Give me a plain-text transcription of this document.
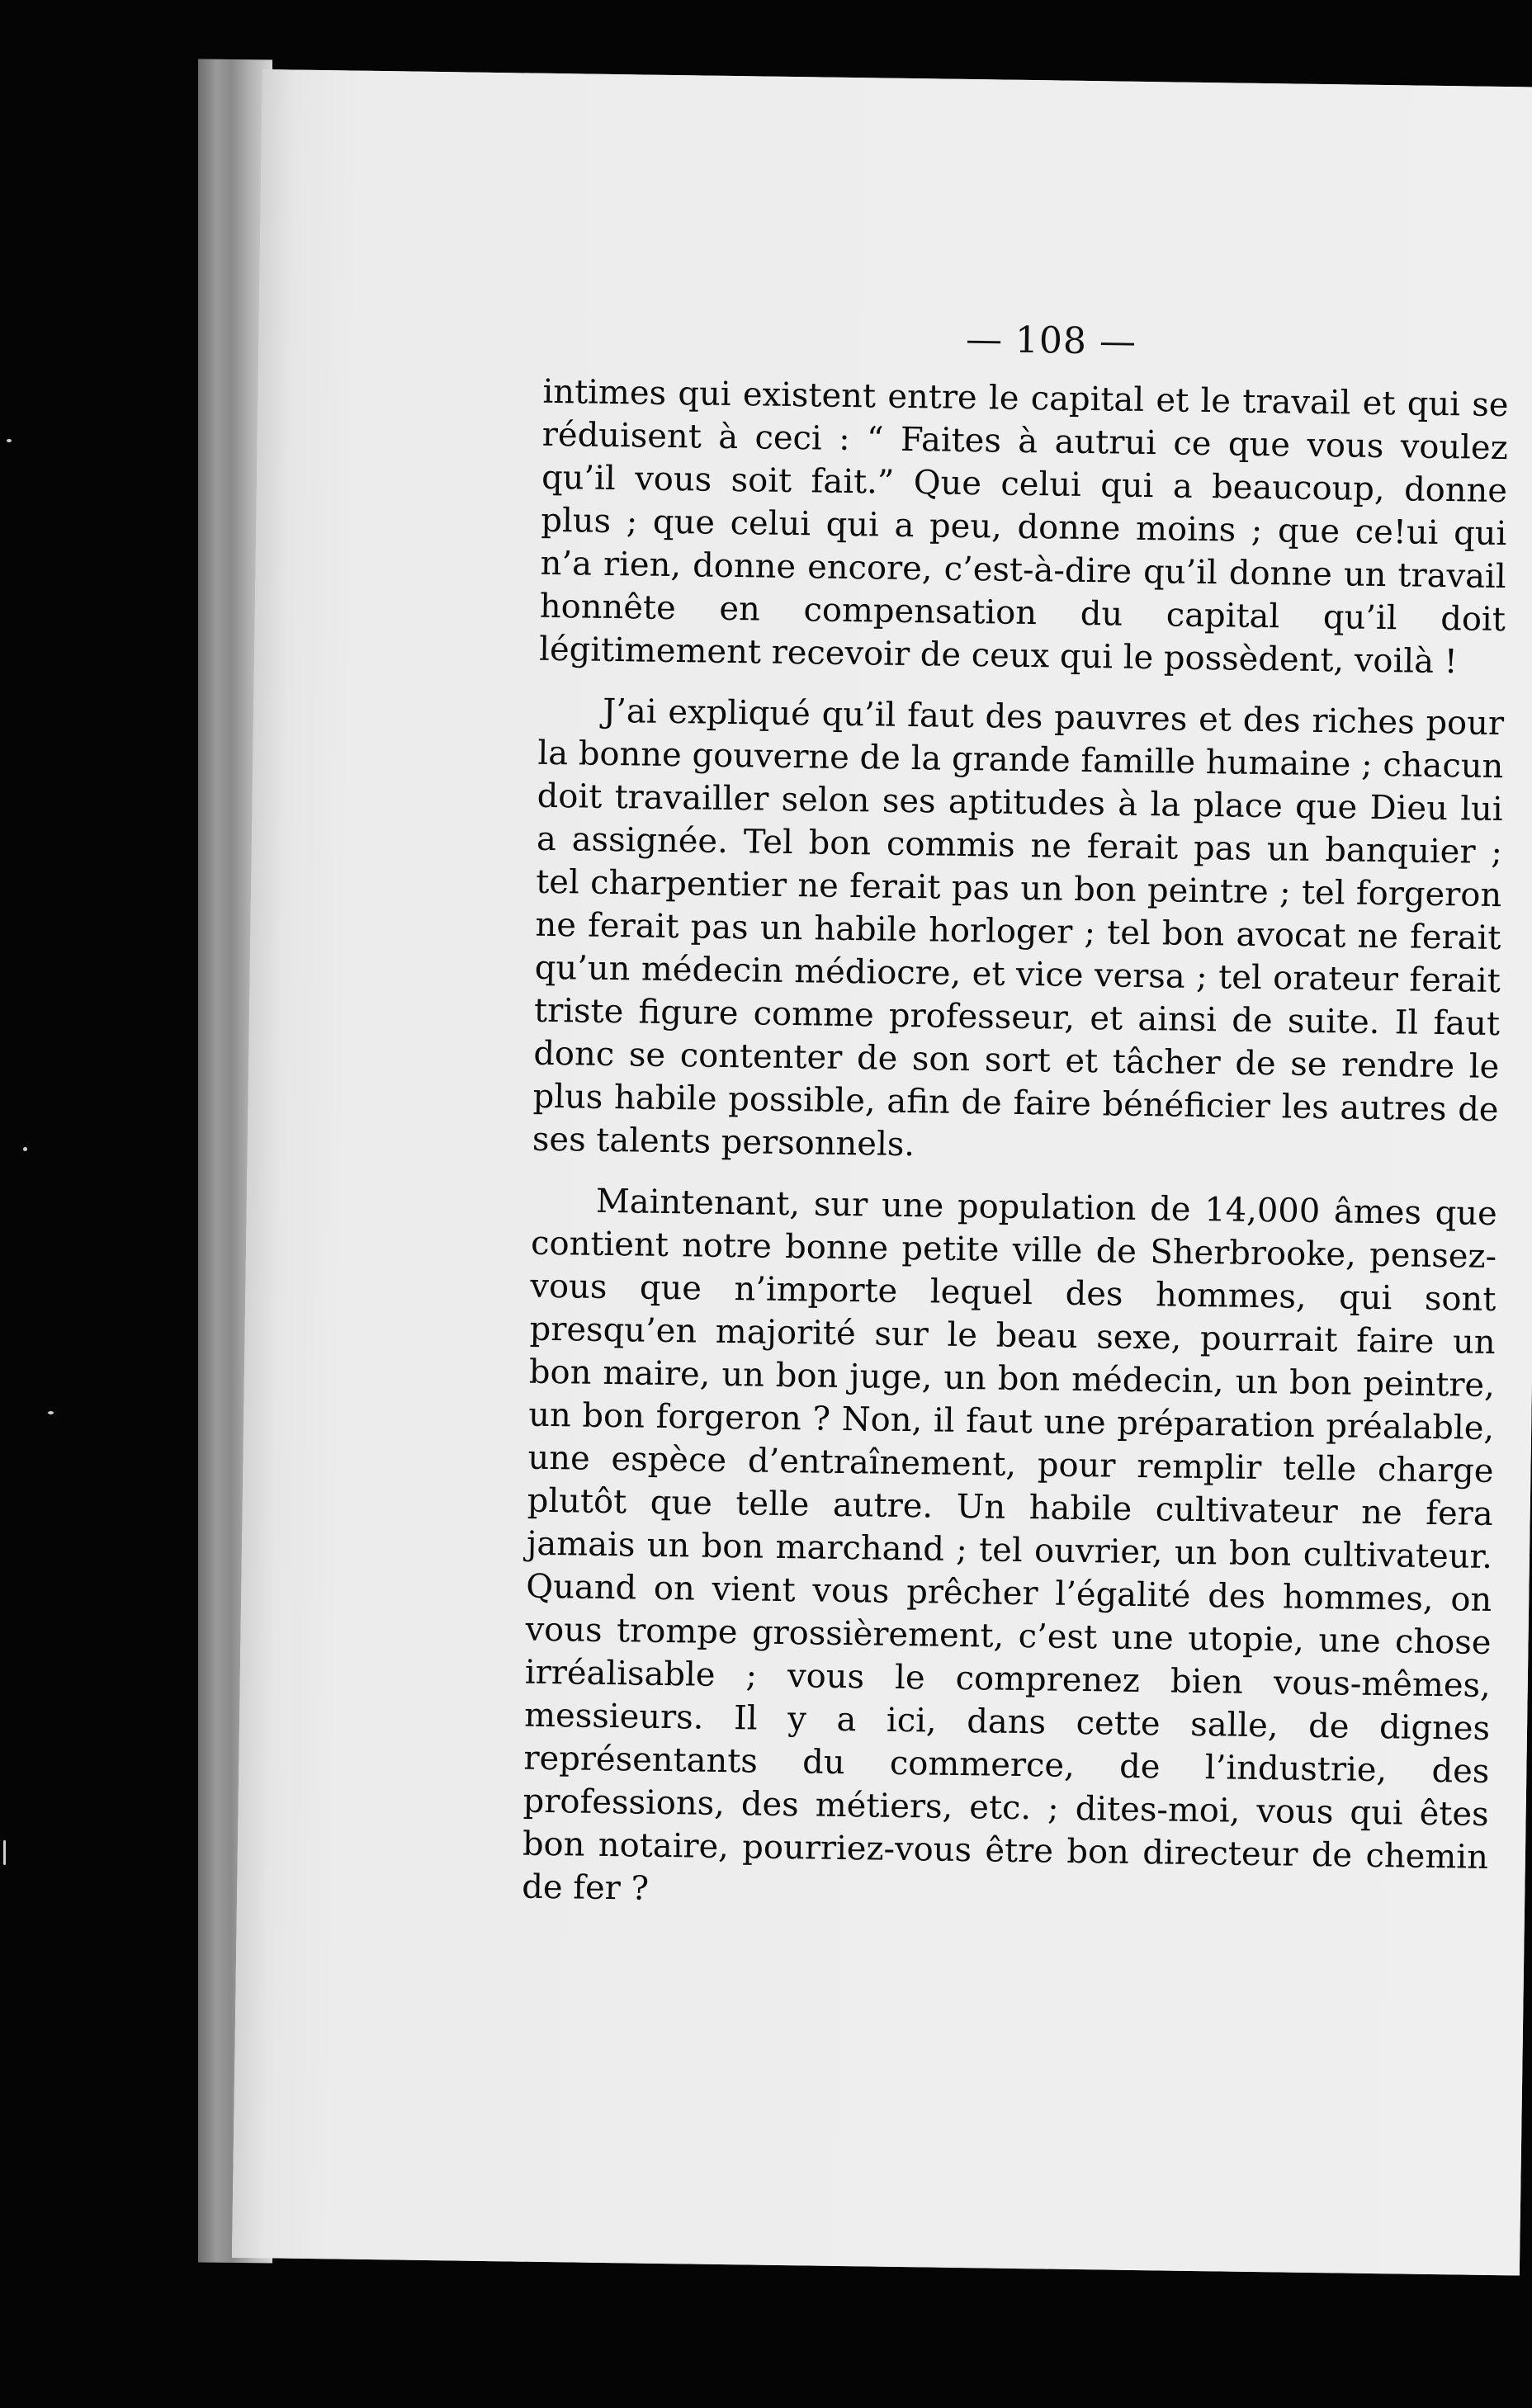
— 108 —

intimes qui existent entre le capital et le travail et qui se réduisent à ceci : “ Faites à autrui ce que vous voulez qu’il vous soit fait.” Que celui qui a beaucoup, donne plus ; que celui qui a peu, donne moins ; que ce!ui qui n’a rien, donne encore, c’est-à-dire qu’il donne un travail honnête en compensation du capital qu’il doit légitimement recevoir de ceux qui le possèdent, voilà !

J’ai expliqué qu’il faut des pauvres et des riches pour la bonne gouverne de la grande famille humaine ; chacun doit travailler selon ses aptitudes à la place que Dieu lui a assignée. Tel bon commis ne ferait pas un banquier ; tel charpentier ne ferait pas un bon peintre ; tel forgeron ne ferait pas un habile horloger ; tel bon avocat ne ferait qu’un médecin médiocre, et vice versa ; tel orateur ferait triste figure comme professeur, et ainsi de suite. Il faut donc se contenter de son sort et tâcher de se rendre le plus habile possible, afin de faire bénéficier les autres de ses talents personnels.

Maintenant, sur une population de 14,000 âmes que contient notre bonne petite ville de Sherbrooke, pensez-vous que n’importe lequel des hommes, qui sont presqu’en majorité sur le beau sexe, pourrait faire un bon maire, un bon juge, un bon médecin, un bon peintre, un bon forgeron ? Non, il faut une préparation préalable, une espèce d’entraînement, pour remplir telle charge plutôt que telle autre. Un habile cultivateur ne fera jamais un bon marchand ; tel ouvrier, un bon cultivateur. Quand on vient vous prêcher l’égalité des hommes, on vous trompe grossièrement, c’est une utopie, une chose irréalisable ; vous le comprenez bien vous-mêmes, messieurs. Il y a ici, dans cette salle, de dignes représentants du commerce, de l’industrie, des professions, des métiers, etc. ; dites-moi, vous qui êtes bon notaire, pourriez-vous être bon directeur de chemin de fer ?
